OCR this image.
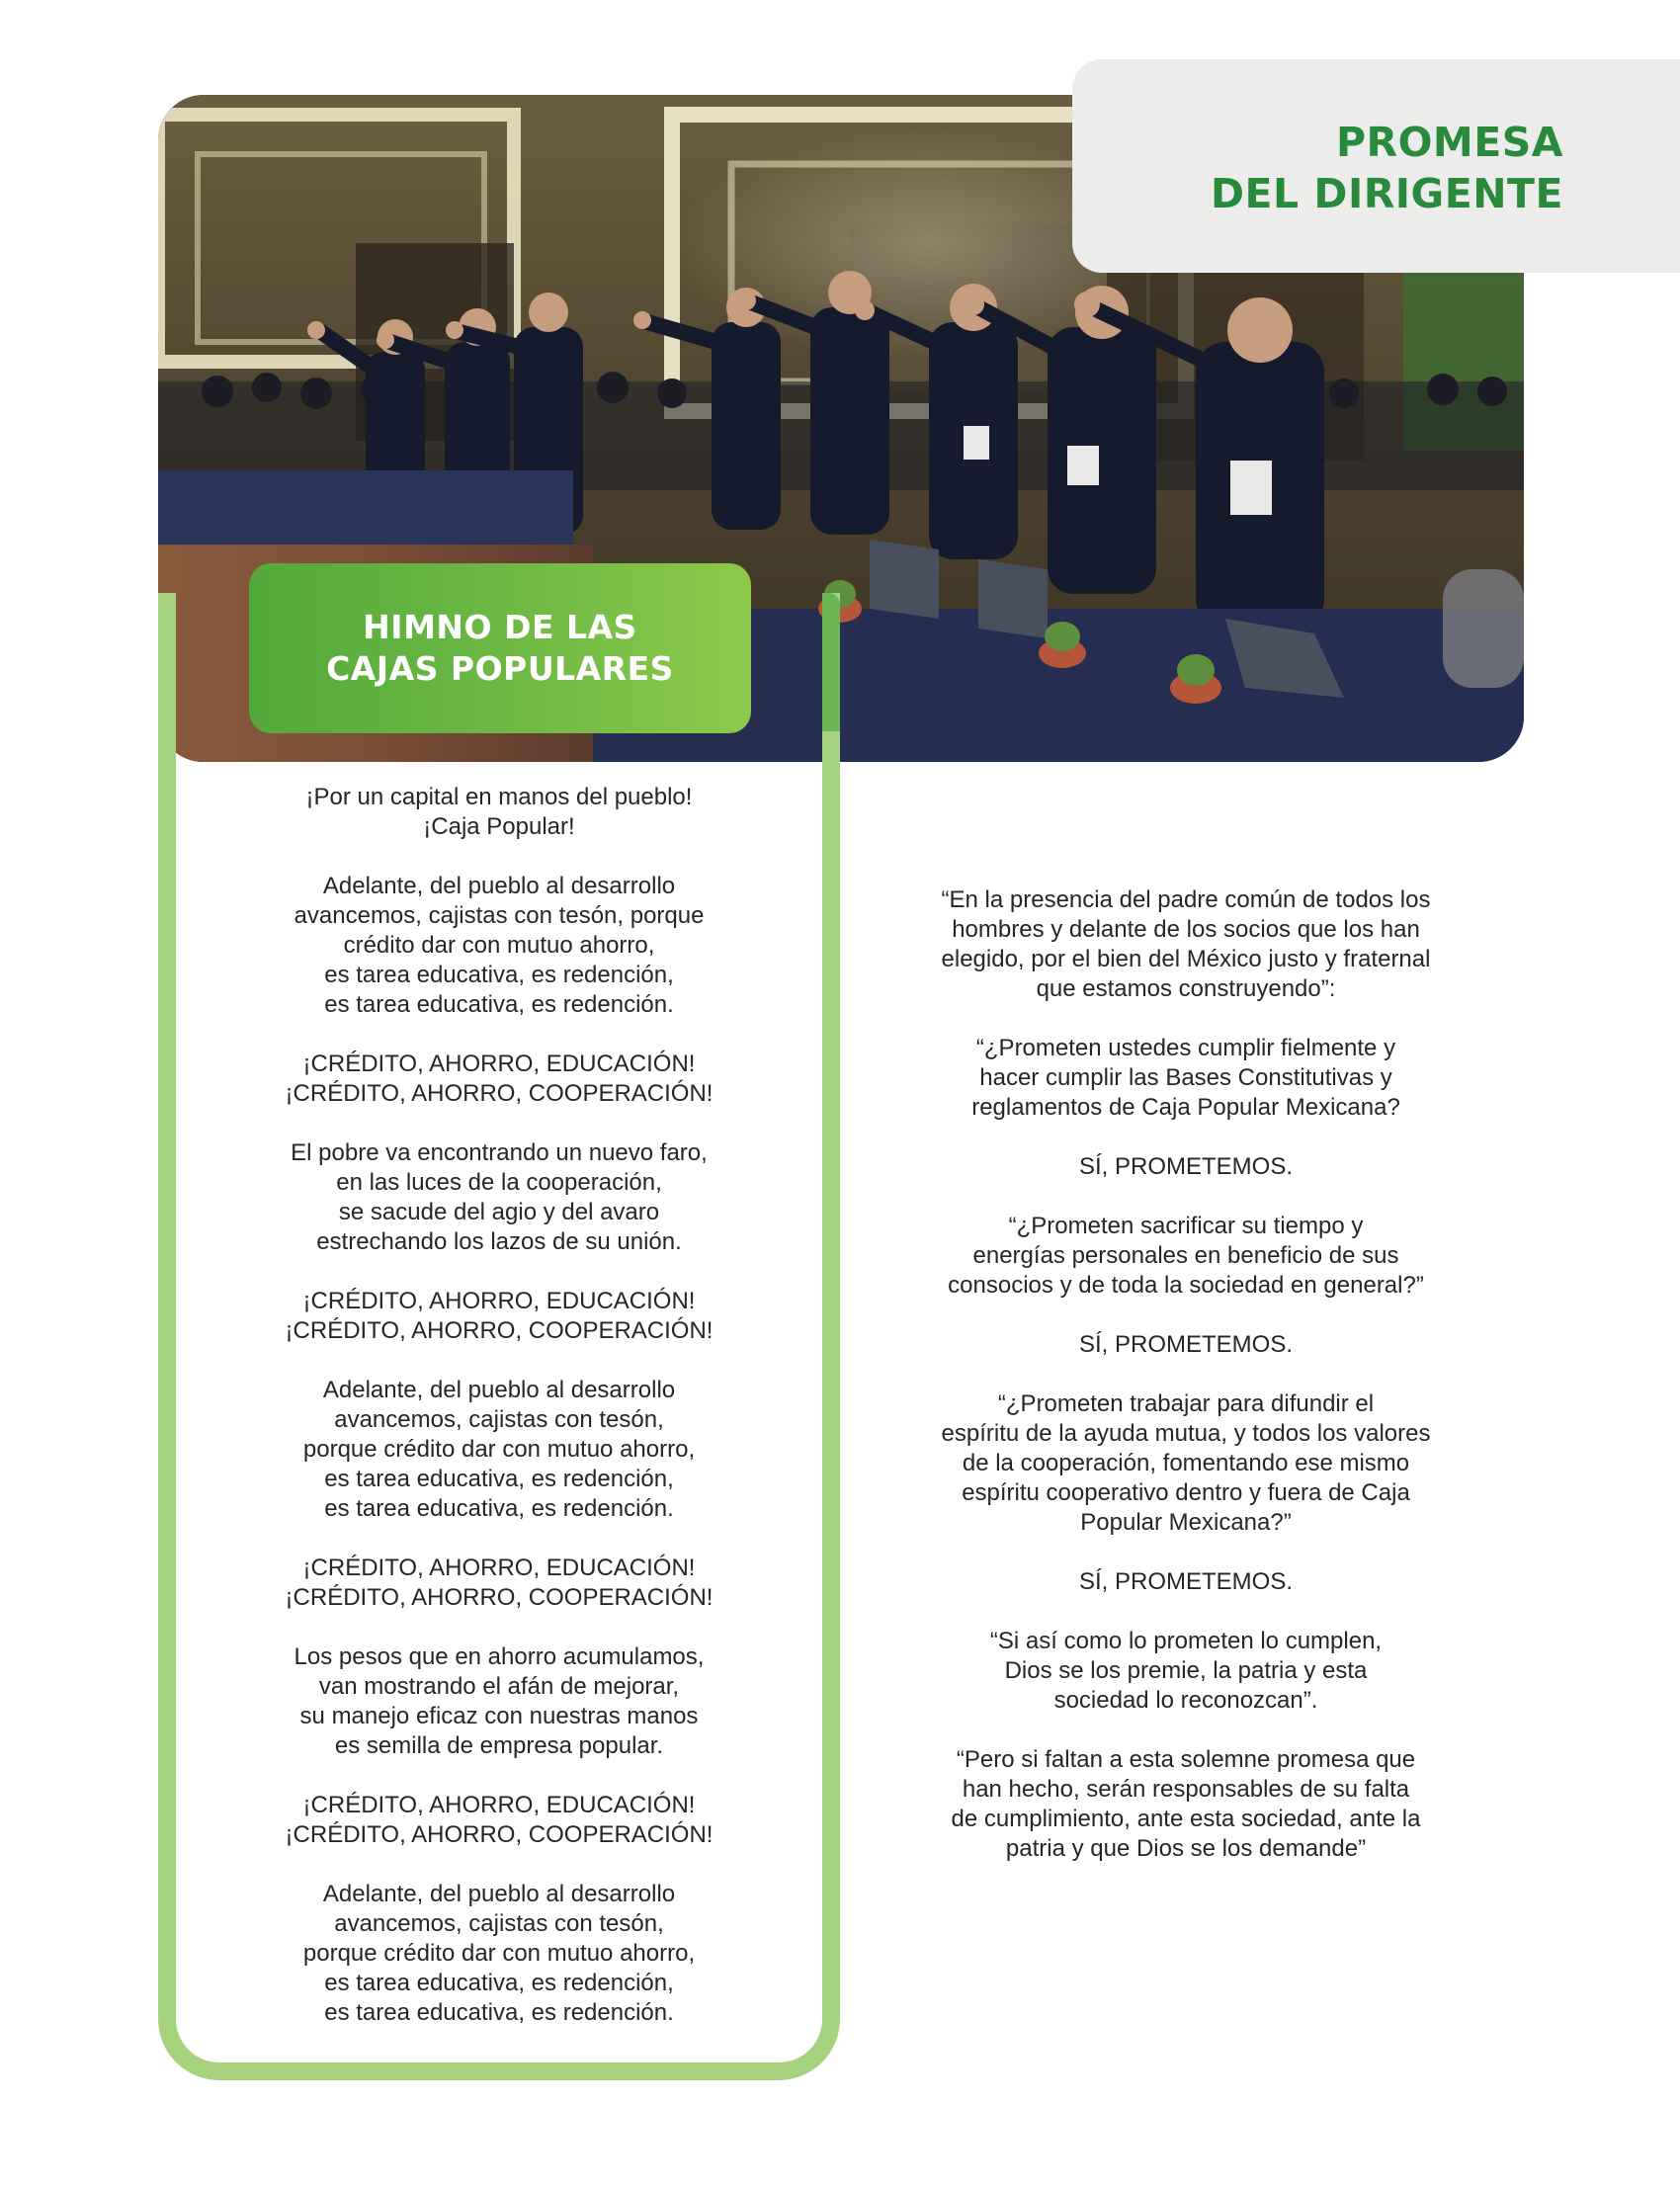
PROMESA
DEL DIRIGENTE
HIMNO DE LAS
CAJAS POPULARES
¡Por un capital en manos del pueblo!
¡Caja Popular!
Adelante, del pueblo al desarrollo
avancemos, cajistas con tesón, porque
crédito dar con mutuo ahorro,
es tarea educativa, es redención,
es tarea educativa, es redención.
¡CRÉDITO, AHORRO, EDUCACIÓN!
¡CRÉDITO, AHORRO, COOPERACIÓN!
El pobre va encontrando un nuevo faro,
en las luces de la cooperación,
se sacude del agio y del avaro
estrechando los lazos de su unión.
¡CRÉDITO, AHORRO, EDUCACIÓN!
¡CRÉDITO, AHORRO, COOPERACIÓN!
Adelante, del pueblo al desarrollo
avancemos, cajistas con tesón,
porque crédito dar con mutuo ahorro,
es tarea educativa, es redención,
es tarea educativa, es redención.
¡CRÉDITO, AHORRO, EDUCACIÓN!
¡CRÉDITO, AHORRO, COOPERACIÓN!
Los pesos que en ahorro acumulamos,
van mostrando el afán de mejorar,
su manejo eficaz con nuestras manos
es semilla de empresa popular.
¡CRÉDITO, AHORRO, EDUCACIÓN!
¡CRÉDITO, AHORRO, COOPERACIÓN!
Adelante, del pueblo al desarrollo
avancemos, cajistas con tesón,
porque crédito dar con mutuo ahorro,
es tarea educativa, es redención,
es tarea educativa, es redención.
“En la presencia del padre común de todos los
hombres y delante de los socios que los han
elegido, por el bien del México justo y fraternal
que estamos construyendo”:
“¿Prometen ustedes cumplir fielmente y
hacer cumplir las Bases Constitutivas y
reglamentos de Caja Popular Mexicana?
SÍ, PROMETEMOS.
“¿Prometen sacrificar su tiempo y
energías personales en beneficio de sus
consocios y de toda la sociedad en general?”
SÍ, PROMETEMOS.
“¿Prometen trabajar para difundir el
espíritu de la ayuda mutua, y todos los valores
de la cooperación, fomentando ese mismo
espíritu cooperativo dentro y fuera de Caja
Popular Mexicana?”
SÍ, PROMETEMOS.
“Si así como lo prometen lo cumplen,
Dios se los premie, la patria y esta
sociedad lo reconozcan”.
“Pero si faltan a esta solemne promesa que
han hecho, serán responsables de su falta
de cumplimiento, ante esta sociedad, ante la
patria y que Dios se los demande”
